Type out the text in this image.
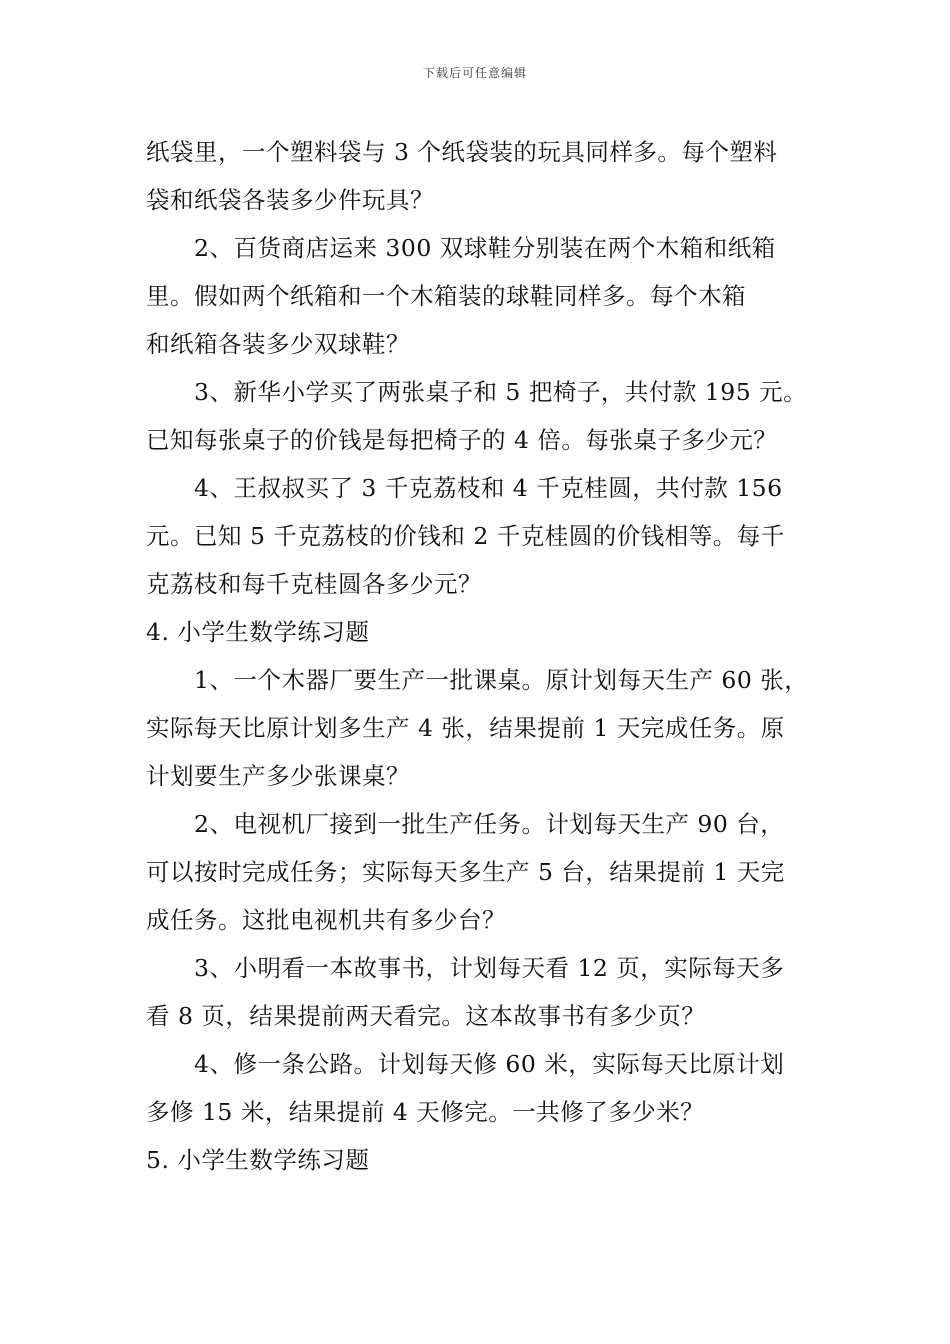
下载后可任意编辑
纸袋里，一个塑料袋与 3 个纸袋装的玩具同样多。每个塑料
袋和纸袋各装多少件玩具？
2、百货商店运来 300 双球鞋分别装在两个木箱和纸箱
里。假如两个纸箱和一个木箱装的球鞋同样多。每个木箱
和纸箱各装多少双球鞋？
3、新华小学买了两张桌子和 5 把椅子，共付款 195 元。
已知每张桌子的价钱是每把椅子的 4 倍。每张桌子多少元？
4、王叔叔买了 3 千克荔枝和 4 千克桂圆，共付款 156
元。已知 5 千克荔枝的价钱和 2 千克桂圆的价钱相等。每千
克荔枝和每千克桂圆各多少元？
4. 小学生数学练习题
1、一个木器厂要生产一批课桌。原计划每天生产 60 张，
实际每天比原计划多生产 4 张，结果提前 1 天完成任务。原
计划要生产多少张课桌？
2、电视机厂接到一批生产任务。计划每天生产 90 台，
可以按时完成任务；实际每天多生产 5 台，结果提前 1 天完
成任务。这批电视机共有多少台？
3、小明看一本故事书，计划每天看 12 页，实际每天多
看 8 页，结果提前两天看完。这本故事书有多少页？
4、修一条公路。计划每天修 60 米，实际每天比原计划
多修 15 米，结果提前 4 天修完。一共修了多少米？
5. 小学生数学练习题
